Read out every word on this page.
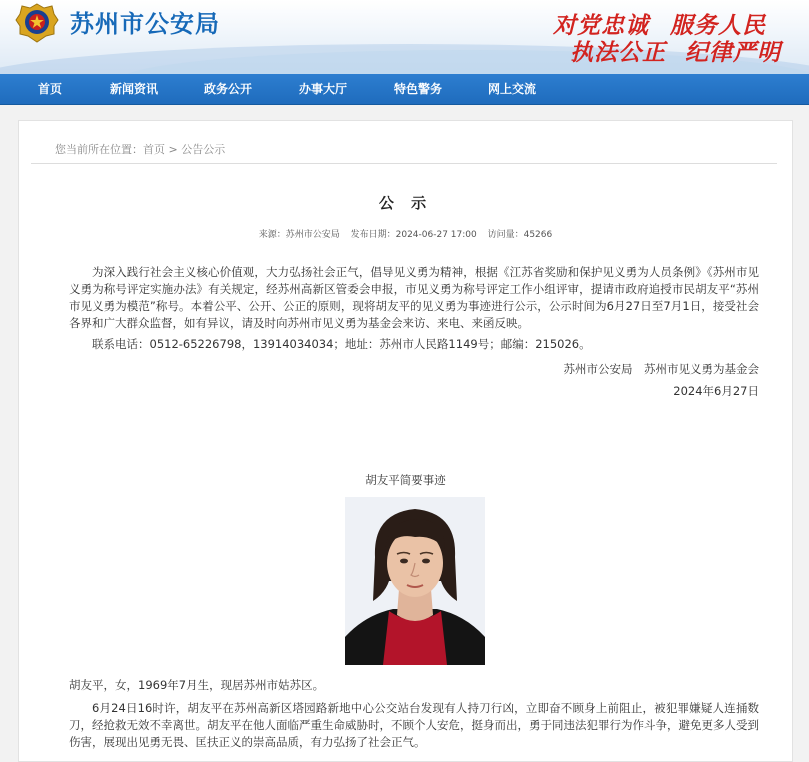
苏州市公安局	对党忠诚 服务人民
执法公正 纪律严明
首页	新闻资讯	政务公开	办事大厅	特色警务	网上交流
您当前所在位置：首页 > 公告公示
公 示
来源：苏州市公安局 发布日期：2024-06-27 17:00 访问量：45266
为深入践行社会主义核心价值观，大力弘扬社会正气，倡导见义勇为精神，根据《江苏省奖励和保护见义勇为人员条例》《苏州市见义勇为称号评定实施办法》有关规定，经苏州高新区管委会申报，市见义勇为称号评定工作小组评审，提请市政府追授市民胡友平“苏州市见义勇为模范”称号。本着公平、公开、公正的原则，现将胡友平的见义勇为事迹进行公示，公示时间为6月27日至7月1日，接受社会各界和广大群众监督，如有异议，请及时向苏州市见义勇为基金会来访、来电、来函反映。
联系电话：0512-65226798，13914034034；地址：苏州市人民路1149号；邮编：215026。
苏州市公安局　苏州市见义勇为基金会
2024年6月27日
胡友平简要事迹
胡友平，女，1969年7月生，现居苏州市姑苏区。
6月24日16时许，胡友平在苏州高新区塔园路新地中心公交站台发现有人持刀行凶，立即奋不顾身上前阻止，被犯罪嫌疑人连捅数刀，经抢救无效不幸离世。胡友平在他人面临严重生命威胁时，不顾个人安危，挺身而出，勇于同违法犯罪行为作斗争，避免更多人受到伤害，展现出见勇无畏、匡扶正义的崇高品质，有力弘扬了社会正气。
